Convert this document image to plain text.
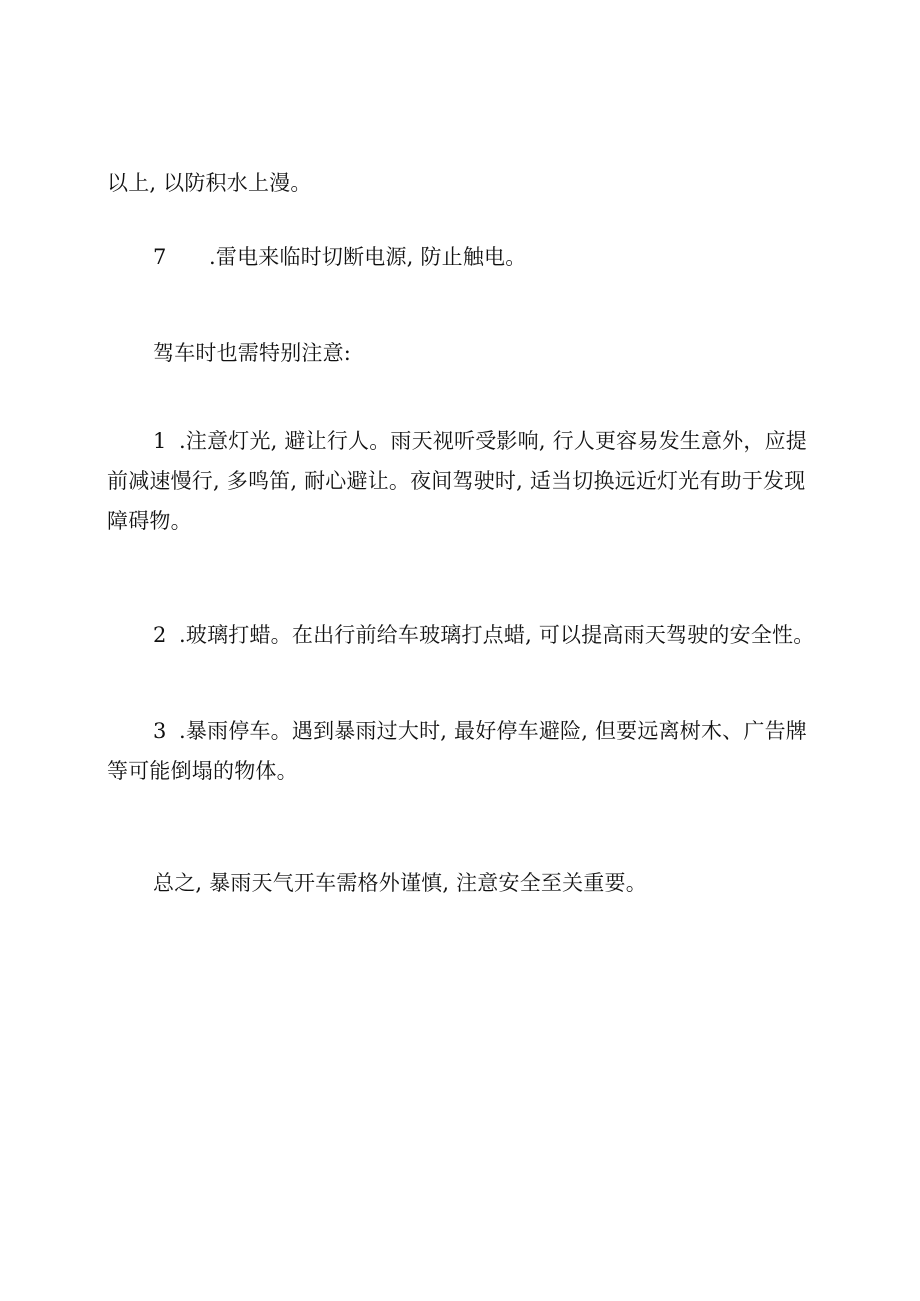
以上, 以防积水上漫。

7 .雷电来临时切断电源, 防止触电。

驾车时也需特别注意:

1 .注意灯光, 避让行人。雨天视听受影响, 行人更容易发生意外，应提前减速慢行, 多鸣笛, 耐心避让。夜间驾驶时, 适当切换远近灯光有助于发现障碍物。

2 .玻璃打蜡。在出行前给车玻璃打点蜡, 可以提高雨天驾驶的安全性。

3 .暴雨停车。遇到暴雨过大时, 最好停车避险, 但要远离树木、广告牌等可能倒塌的物体。

总之, 暴雨天气开车需格外谨慎, 注意安全至关重要。
